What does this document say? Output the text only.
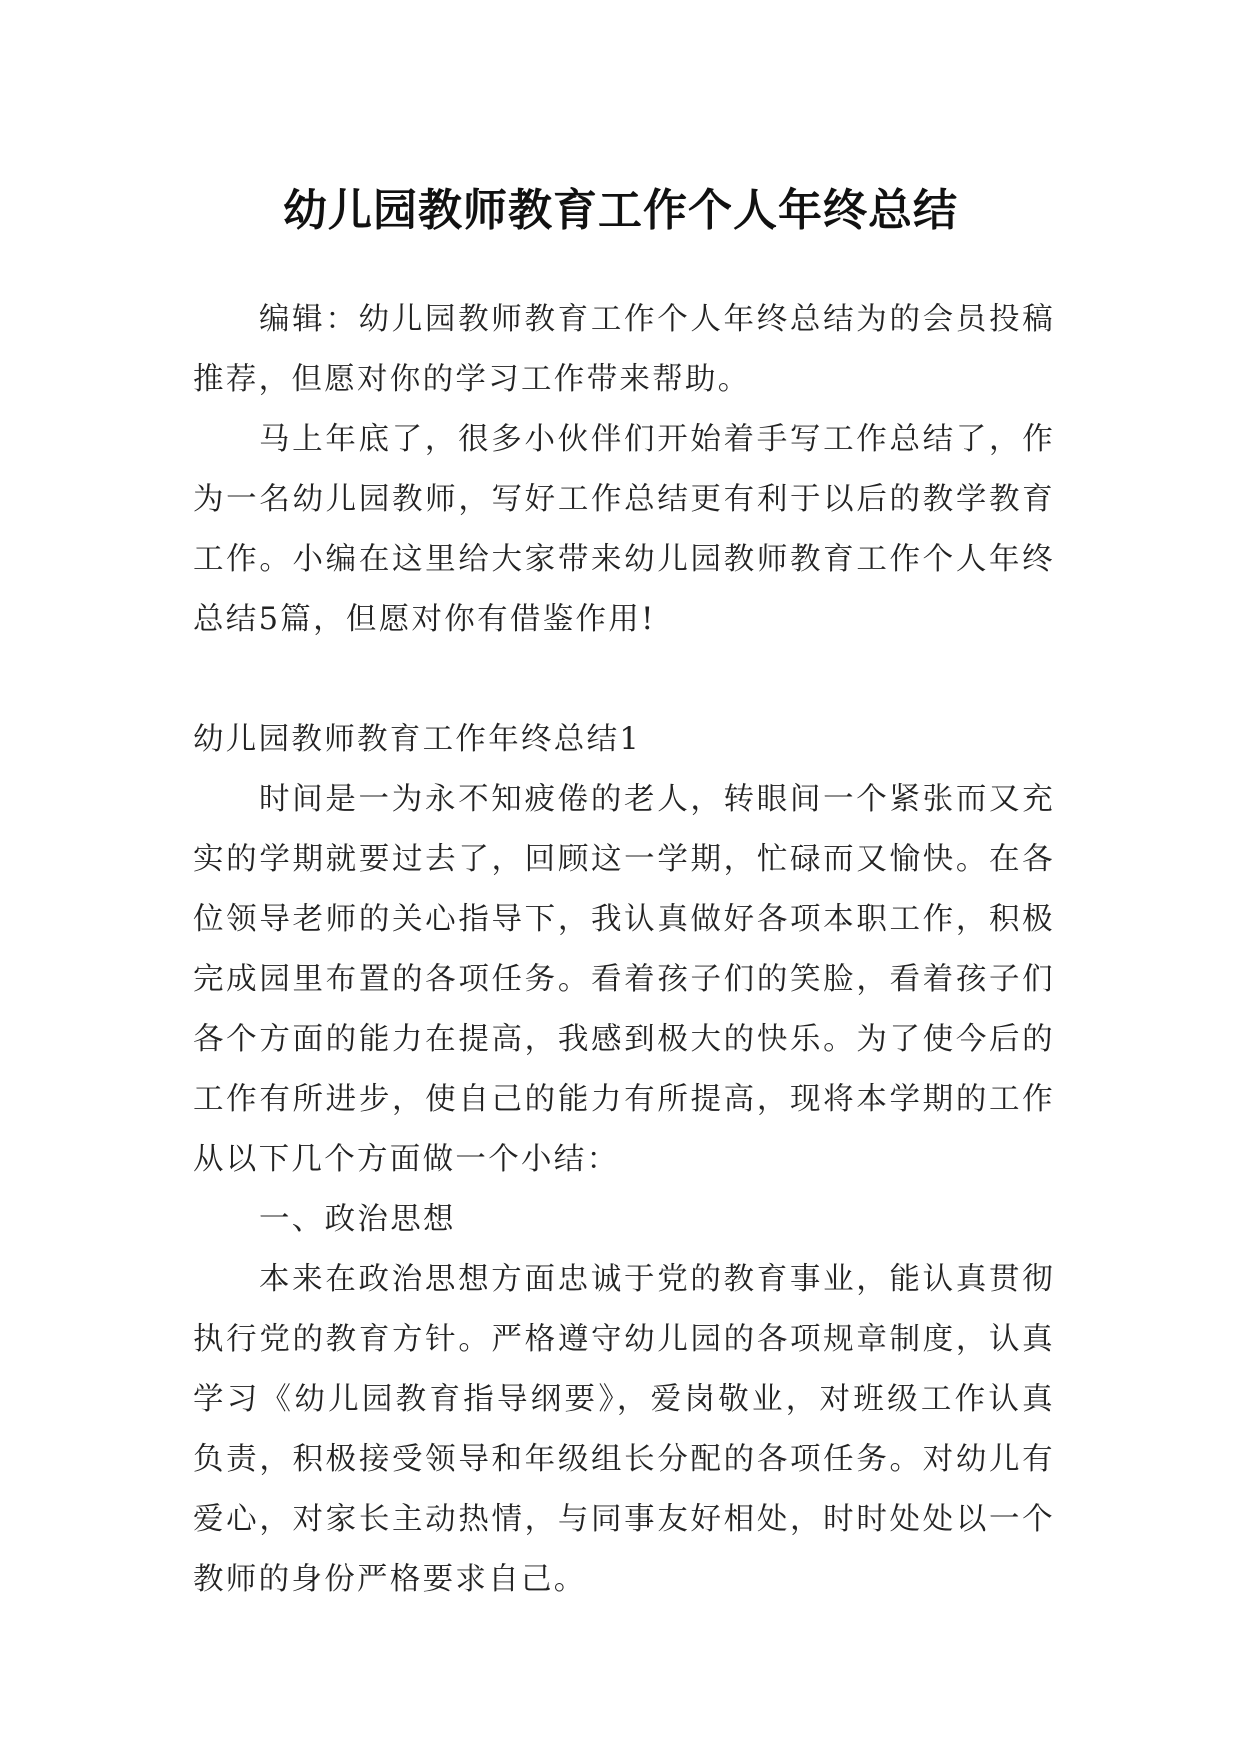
幼儿园教师教育工作个人年终总结

编辑：幼儿园教师教育工作个人年终总结为的会员投稿推荐，但愿对你的学习工作带来帮助。

马上年底了，很多小伙伴们开始着手写工作总结了，作为一名幼儿园教师，写好工作总结更有利于以后的教学教育工作。小编在这里给大家带来幼儿园教师教育工作个人年终总结5篇，但愿对你有借鉴作用!

幼儿园教师教育工作年终总结1

时间是一为永不知疲倦的老人，转眼间一个紧张而又充实的学期就要过去了，回顾这一学期，忙碌而又愉快。在各位领导老师的关心指导下，我认真做好各项本职工作，积极完成园里布置的各项任务。看着孩子们的笑脸，看着孩子们各个方面的能力在提高，我感到极大的快乐。为了使今后的工作有所进步，使自己的能力有所提高，现将本学期的工作从以下几个方面做一个小结：

一、政治思想

本来在政治思想方面忠诚于党的教育事业，能认真贯彻执行党的教育方针。严格遵守幼儿园的各项规章制度，认真学习《幼儿园教育指导纲要》，爱岗敬业，对班级工作认真负责，积极接受领导和年级组长分配的各项任务。对幼儿有爱心，对家长主动热情，与同事友好相处，时时处处以一个教师的身份严格要求自己。
